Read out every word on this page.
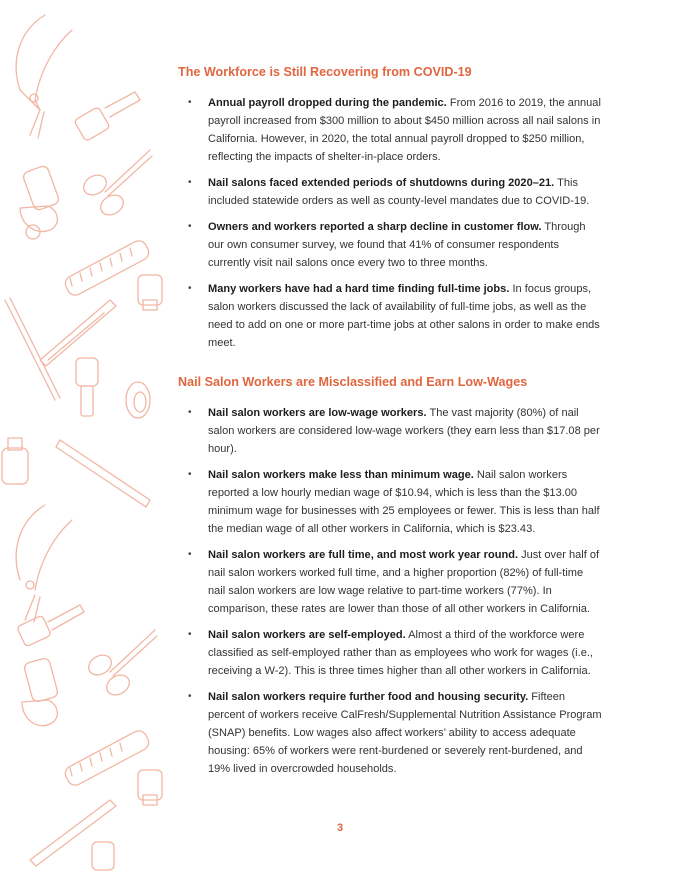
The Workforce is Still Recovering from COVID-19
• Annual payroll dropped during the pandemic. From 2016 to 2019, the annual payroll increased from $300 million to about $450 million across all nail salons in California. However, in 2020, the total annual payroll dropped to $250 million, reflecting the impacts of shelter-in-place orders.
• Nail salons faced extended periods of shutdowns during 2020–21. This included statewide orders as well as county-level mandates due to COVID-19.
• Owners and workers reported a sharp decline in customer flow. Through our own consumer survey, we found that 41% of consumer respondents currently visit nail salons once every two to three months.
• Many workers have had a hard time finding full-time jobs. In focus groups, salon workers discussed the lack of availability of full-time jobs, as well as the need to add on one or more part-time jobs at other salons in order to make ends meet.
Nail Salon Workers are Misclassified and Earn Low-Wages
• Nail salon workers are low-wage workers. The vast majority (80%) of nail salon workers are considered low-wage workers (they earn less than $17.08 per hour).
• Nail salon workers make less than minimum wage. Nail salon workers reported a low hourly median wage of $10.94, which is less than the $13.00 minimum wage for businesses with 25 employees or fewer. This is less than half the median wage of all other workers in California, which is $23.43.
• Nail salon workers are full time, and most work year round. Just over half of nail salon workers worked full time, and a higher proportion (82%) of full-time nail salon workers are low wage relative to part-time workers (77%). In comparison, these rates are lower than those of all other workers in California.
• Nail salon workers are self-employed. Almost a third of the workforce were classified as self-employed rather than as employees who work for wages (i.e., receiving a W-2). This is three times higher than all other workers in California.
• Nail salon workers require further food and housing security. Fifteen percent of workers receive CalFresh/Supplemental Nutrition Assistance Program (SNAP) benefits. Low wages also affect workers’ ability to access adequate housing: 65% of workers were rent-burdened or severely rent-burdened, and 19% lived in overcrowded households.
3
